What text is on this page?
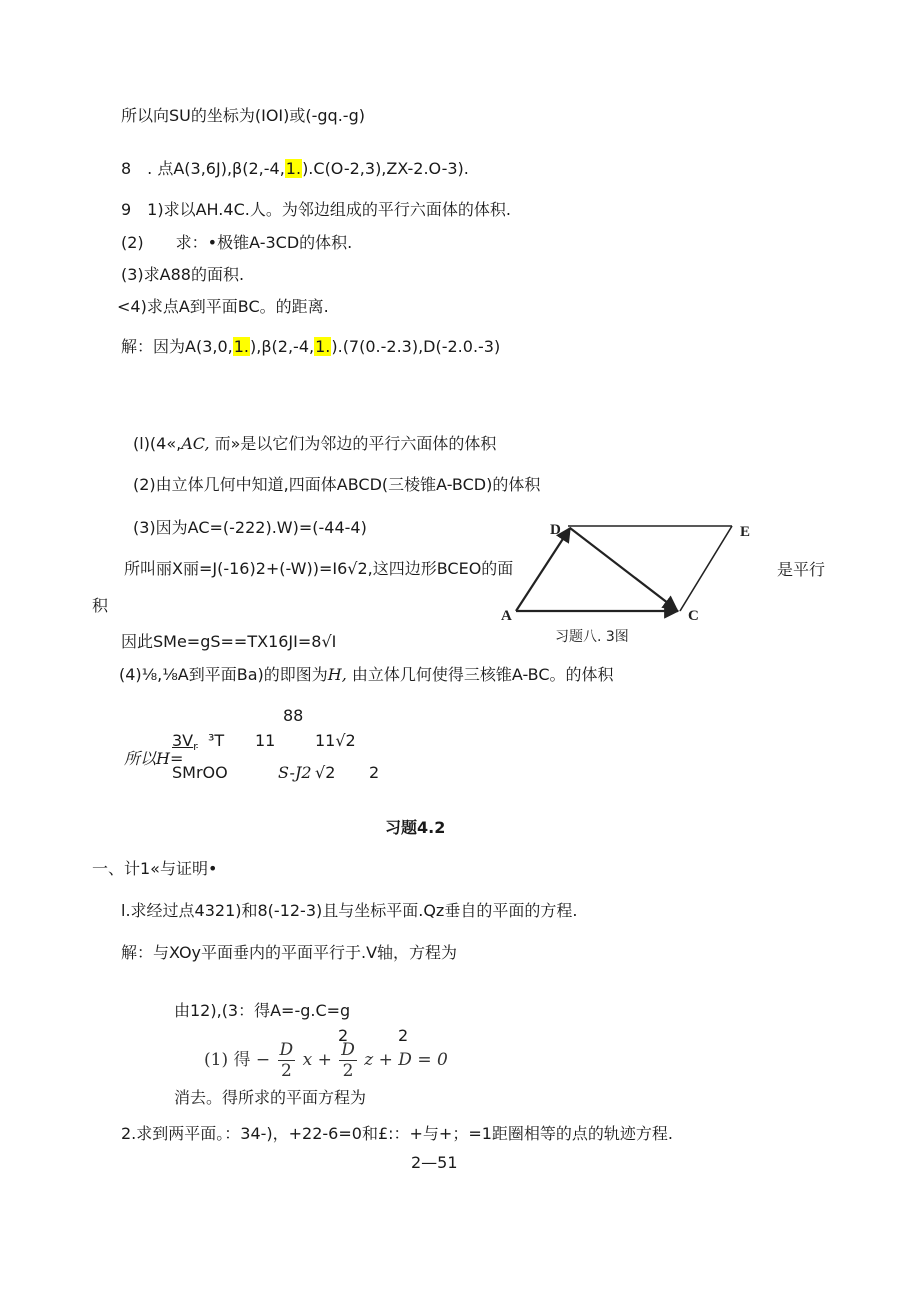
所以向SU的坐标为(IOI)或(-gq.-g)
8　. 点A(3,6J),β(2,-4,1.).C(O-2,3),ZX-2.O-3).
9　1)求以AH.4C.人。为邻边组成的平行六面体的体积.
(2)　　求：•极锥A-3CD的体积.
(3)求A88的面积.
<4)求点A到平面BC。的距离.
解：因为A(3,0,1.),β(2,-4,1.).(7(0.-2.3),D(-2.0.-3)
(l)(4«,AC, 而»是以它们为邻边的平行六面体的体积
(2)由立体几何中知道,四面体ABCD(三棱锥A-BCD)的体积
(3)因为AC=(-222).W)=(-44-4)
所叫丽X丽=J(-16)2+(-W))=I6√2,这四边形BCEO的面	是平行
积
因此SMe=gS==TX16JI=8√I
(4)⅛,⅛A到平面Ba)的即图为H, 由立体几何使得三核锥A-BC。的体积
88
$3V_r$ ³T 11 11√2
所以H=
SMrOO	S-J2 √2 2
A
D	E
C
习题八. 3图
习题4.2
一、计1«与证明•
l.求经过点4321)和8(-12-3)且与坐标平面.Qz垂自的平面的方程.
解：与XOy平面垂内的平面平行于.V轴，方程为
由12),(3：得A=-g.C=g
2	2
(1) 得 − $\frac{D}{2}$ $x + \frac{D}{2}$ z + D = 0
消去。得所求的平面方程为
2.求到两平面。：34-)，+22-6=0和£:：+与+；=1距圈相等的点的轨迹方程.
2—51
